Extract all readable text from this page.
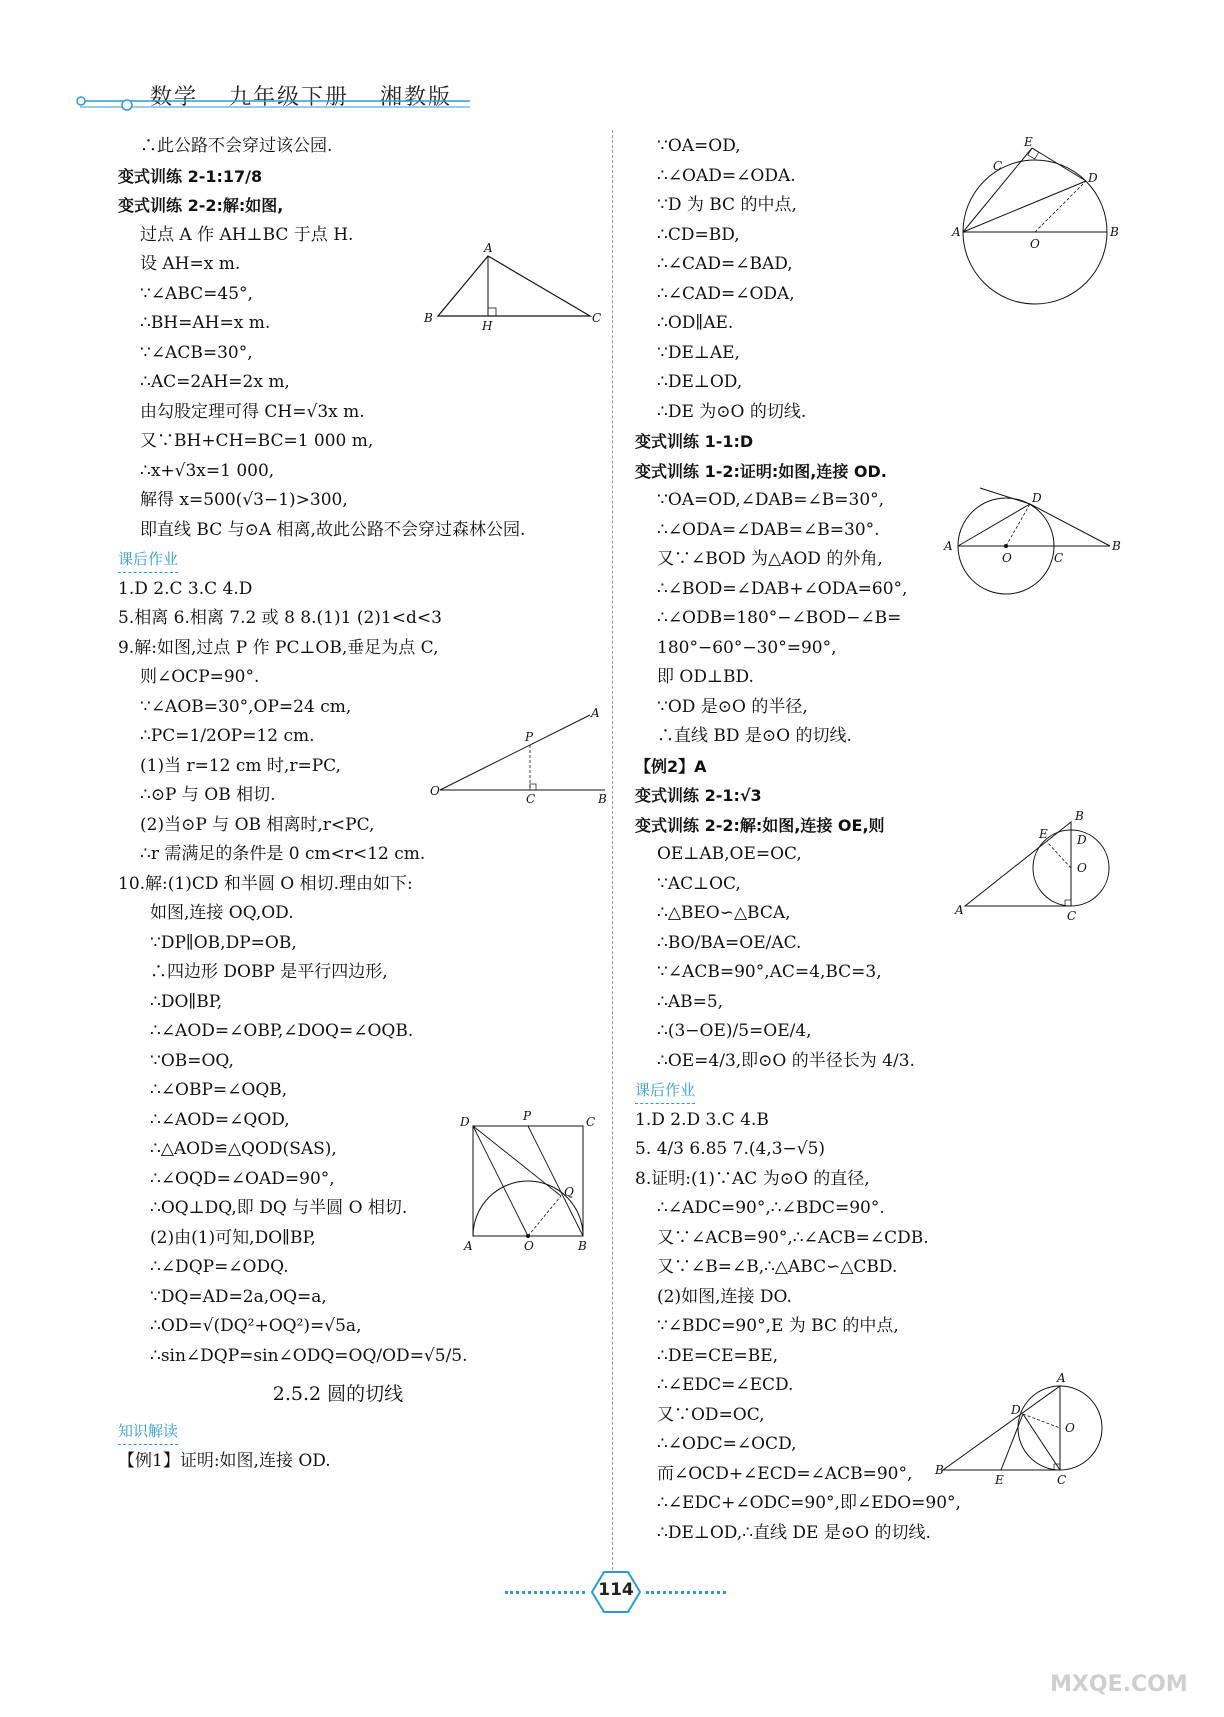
数学 九年级下册 湘教版
∴此公路不会穿过该公园.
变式训练 2-1:17/8
变式训练 2-2:解:如图,
过点 A 作 AH⊥BC 于点 H.
设 AH=x m.
∵∠ABC=45°,
∴BH=AH=x m.
∵∠ACB=30°,
∴AC=2AH=2x m,
由勾股定理可得 CH=√3x m.
又∵BH+CH=BC=1 000 m,
∴x+√3x=1 000,
解得 x=500(√3−1)>300,
即直线 BC 与⊙A 相离,故此公路不会穿过森林公园.
课后作业
1.D 2.C 3.C 4.D
5.相离 6.相离 7.2 或 8 8.(1)1 (2)1<d<3
9.解:如图,过点 P 作 PC⊥OB,垂足为点 C,
则∠OCP=90°.
∵∠AOB=30°,OP=24 cm,
∴PC=1/2OP=12 cm.
(1)当 r=12 cm 时,r=PC,
∴⊙P 与 OB 相切.
(2)当⊙P 与 OB 相离时,r<PC,
∴r 需满足的条件是 0 cm<r<12 cm.
10.解:(1)CD 和半圆 O 相切.理由如下:
如图,连接 OQ,OD.
∵DP∥OB,DP=OB,
∴四边形 DOBP 是平行四边形,
∴DO∥BP,
∴∠AOD=∠OBP,∠DOQ=∠OQB.
∵OB=OQ,
∴∠OBP=∠OQB,
∴∠AOD=∠QOD,
∴△AOD≌△QOD(SAS),
∴∠OQD=∠OAD=90°,
∴OQ⊥DQ,即 DQ 与半圆 O 相切.
(2)由(1)可知,DO∥BP,
∴∠DQP=∠ODQ.
∵DQ=AD=2a,OQ=a,
∴OD=√(DQ²+OQ²)=√5a,
∴sin∠DQP=sin∠ODQ=OQ/OD=√5/5.
2.5.2 圆的切线
知识解读
【例1】证明:如图,连接 OD.
∵OA=OD,
∴∠OAD=∠ODA.
∵D 为 BC 的中点,
∴CD=BD,
∴∠CAD=∠BAD,
∴∠CAD=∠ODA,
∴OD∥AE.
∵DE⊥AE,
∴DE⊥OD,
∴DE 为⊙O 的切线.
变式训练 1-1:D
变式训练 1-2:证明:如图,连接 OD.
∵OA=OD,∠DAB=∠B=30°,
∴∠ODA=∠DAB=∠B=30°.
又∵∠BOD 为△AOD 的外角,
∴∠BOD=∠DAB+∠ODA=60°,
∴∠ODB=180°−∠BOD−∠B=
180°−60°−30°=90°,
即 OD⊥BD.
∵OD 是⊙O 的半径,
∴直线 BD 是⊙O 的切线.
【例2】A
变式训练 2-1:√3
变式训练 2-2:解:如图,连接 OE,则
OE⊥AB,OE=OC,
∵AC⊥OC,
∴△BEO∽△BCA,
∴BO/BA=OE/AC.
∵∠ACB=90°,AC=4,BC=3,
∴AB=5,
∴(3−OE)/5=OE/4,
∴OE=4/3,即⊙O 的半径长为 4/3.
课后作业
1.D 2.D 3.C 4.B
5. 4/3 6.85 7.(4,3−√5)
8.证明:(1)∵AC 为⊙O 的直径,
∴∠ADC=90°,∴∠BDC=90°.
又∵∠ACB=90°,∴∠ACB=∠CDB.
又∵∠B=∠B,∴△ABC∽△CBD.
(2)如图,连接 DO.
∵∠BDC=90°,E 为 BC 的中点,
∴DE=CE=BE,
∴∠EDC=∠ECD.
又∵OD=OC,
∴∠ODC=∠OCD,
而∠OCD+∠ECD=∠ACB=90°,
∴∠EDC+∠ODC=90°,即∠EDO=90°,
∴DE⊥OD,∴直线 DE 是⊙O 的切线.
A
B	C
H
O
P
A
C	B
D	P	C
Q
A	O	B
E
C
D
A
O
B
D
A
O	C
B
B
D
E
O
A	C
A
D
O
B
E	C
114
MXQE.COM
